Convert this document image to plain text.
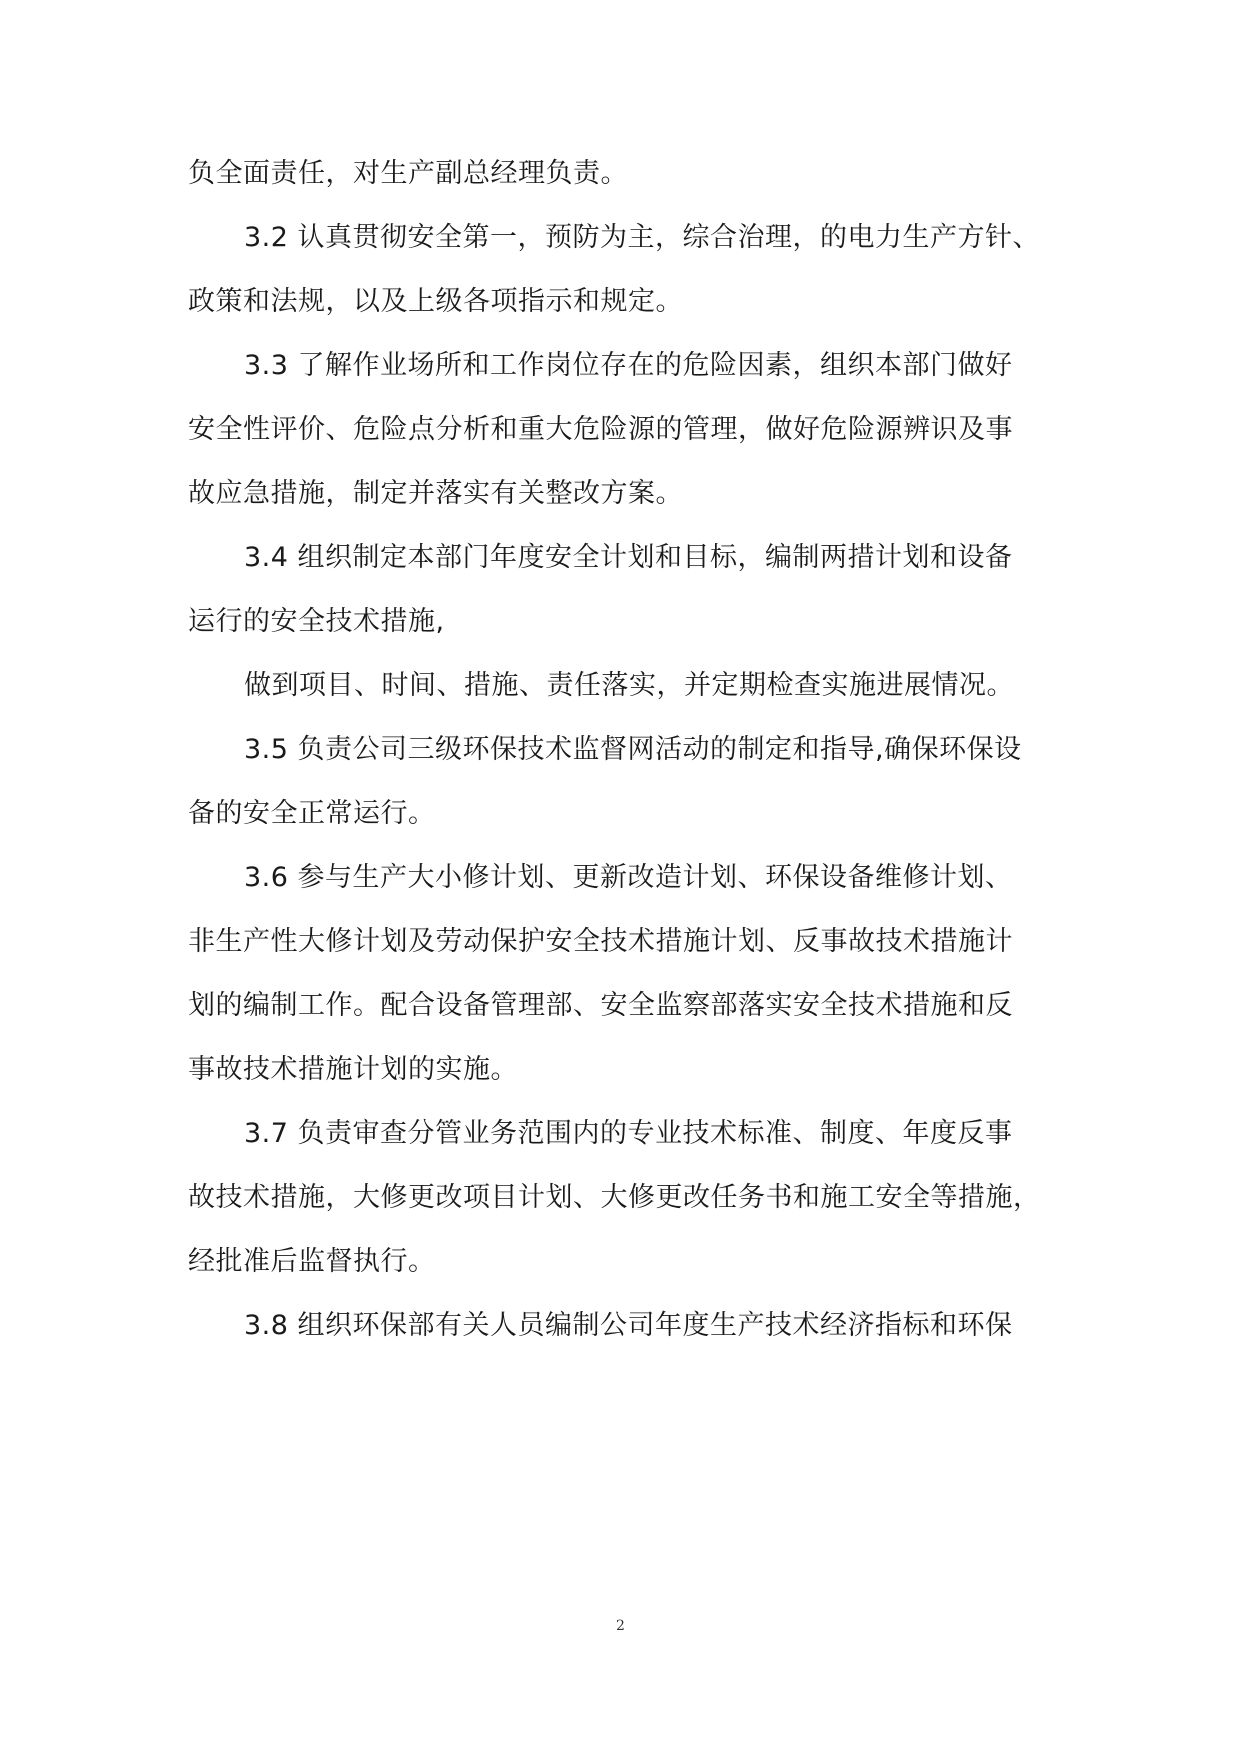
负全面责任，对生产副总经理负责。
3.2 认真贯彻安全第一，预防为主，综合治理，的电力生产方针、
政策和法规，以及上级各项指示和规定。
3.3 了解作业场所和工作岗位存在的危险因素，组织本部门做好
安全性评价、危险点分析和重大危险源的管理，做好危险源辨识及事
故应急措施，制定并落实有关整改方案。
3.4 组织制定本部门年度安全计划和目标，编制两措计划和设备
运行的安全技术措施,
做到项目、时间、措施、责任落实，并定期检查实施进展情况。
3.5 负责公司三级环保技术监督网活动的制定和指导,确保环保设
备的安全正常运行。
3.6 参与生产大小修计划、更新改造计划、环保设备维修计划、
非生产性大修计划及劳动保护安全技术措施计划、反事故技术措施计
划的编制工作。配合设备管理部、安全监察部落实安全技术措施和反
事故技术措施计划的实施。
3.7 负责审查分管业务范围内的专业技术标准、制度、年度反事
故技术措施，大修更改项目计划、大修更改任务书和施工安全等措施，
经批准后监督执行。
3.8 组织环保部有关人员编制公司年度生产技术经济指标和环保
2
